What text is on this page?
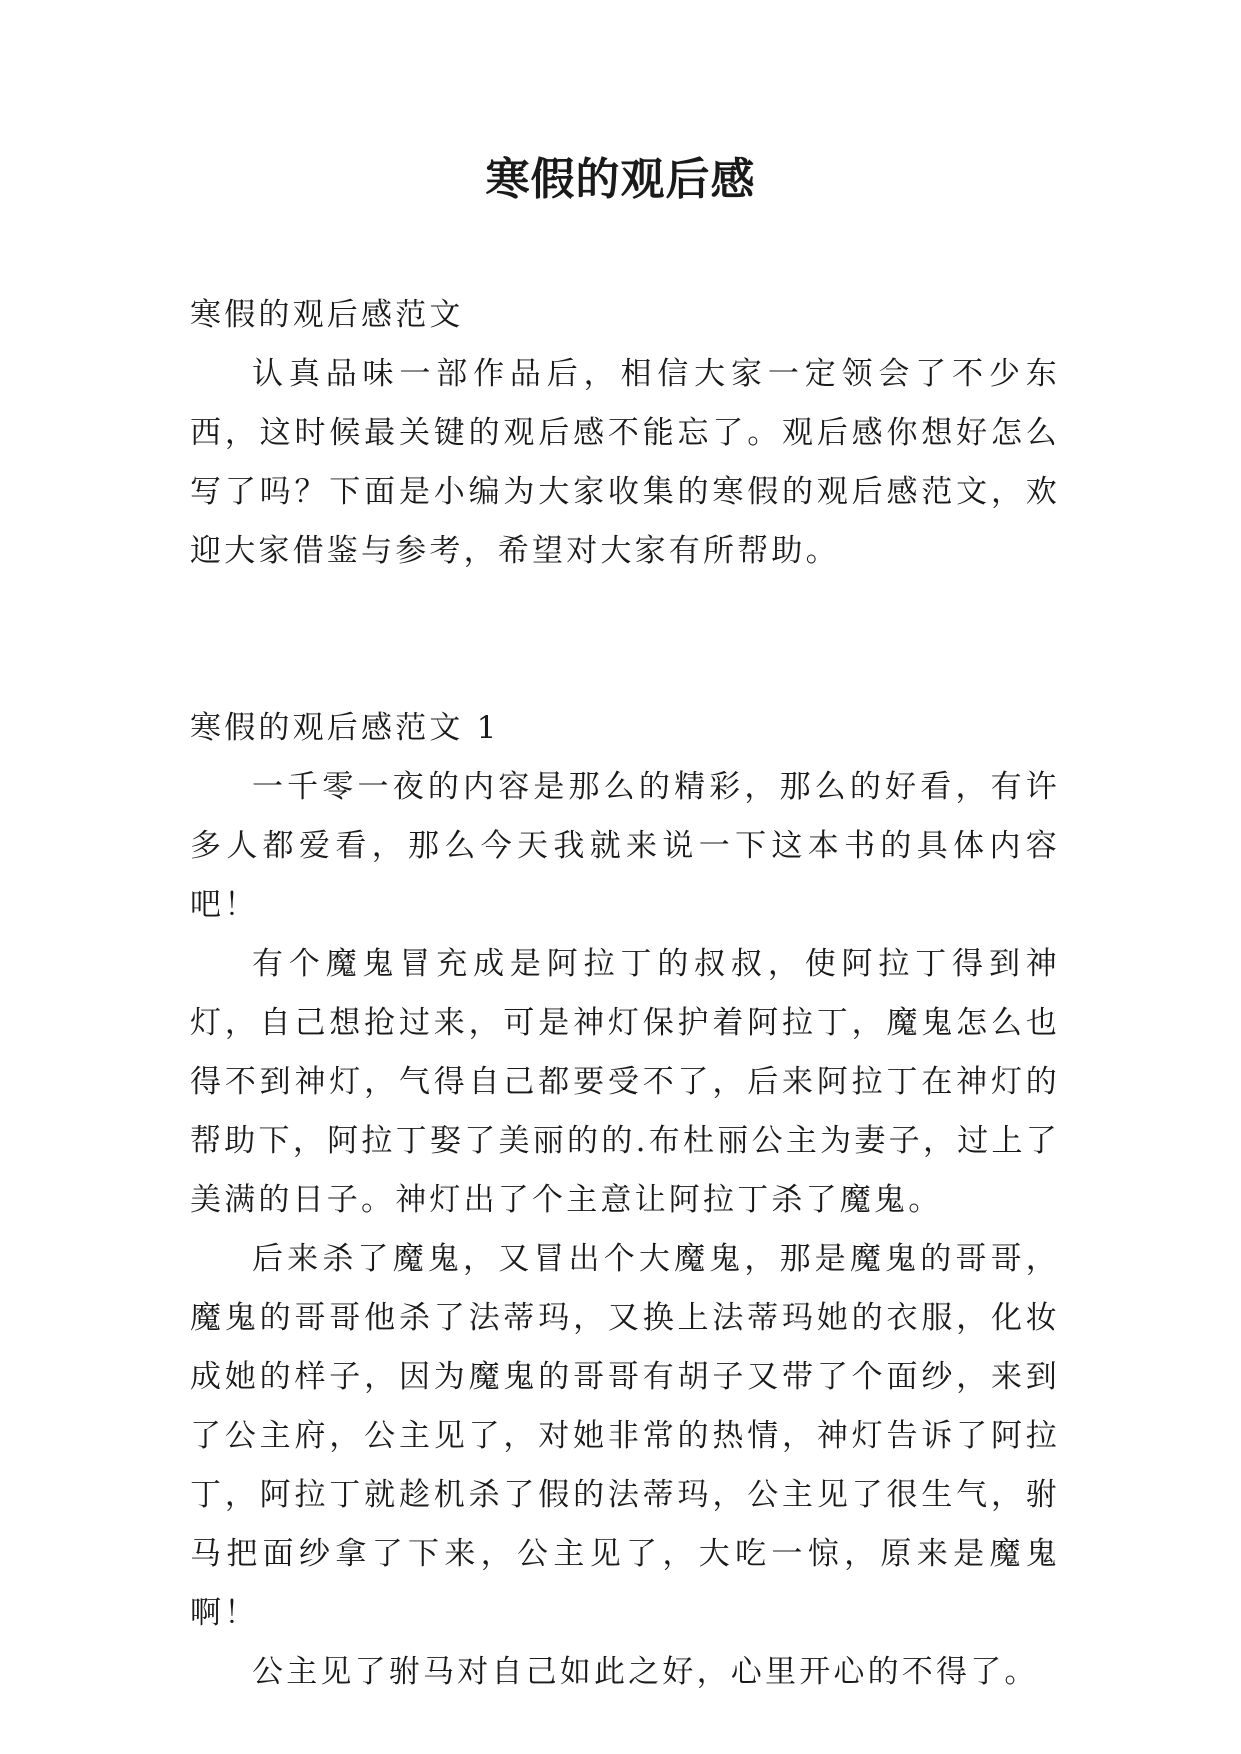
寒假的观后感

寒假的观后感范文

认真品味一部作品后，相信大家一定领会了不少东西，这时候最关键的观后感不能忘了。观后感你想好怎么写了吗？下面是小编为大家收集的寒假的观后感范文，欢迎大家借鉴与参考，希望对大家有所帮助。

寒假的观后感范文 1

一千零一夜的内容是那么的精彩，那么的好看，有许多人都爱看，那么今天我就来说一下这本书的具体内容吧！

有个魔鬼冒充成是阿拉丁的叔叔，使阿拉丁得到神灯，自己想抢过来，可是神灯保护着阿拉丁，魔鬼怎么也得不到神灯，气得自己都要受不了，后来阿拉丁在神灯的帮助下，阿拉丁娶了美丽的的.布杜丽公主为妻子，过上了美满的日子。神灯出了个主意让阿拉丁杀了魔鬼。

后来杀了魔鬼，又冒出个大魔鬼，那是魔鬼的哥哥，魔鬼的哥哥他杀了法蒂玛，又换上法蒂玛她的衣服，化妆成她的样子，因为魔鬼的哥哥有胡子又带了个面纱，来到了公主府，公主见了，对她非常的热情，神灯告诉了阿拉丁，阿拉丁就趁机杀了假的法蒂玛，公主见了很生气，驸马把面纱拿了下来，公主见了，大吃一惊，原来是魔鬼啊！

公主见了驸马对自己如此之好，心里开心的不得了。
